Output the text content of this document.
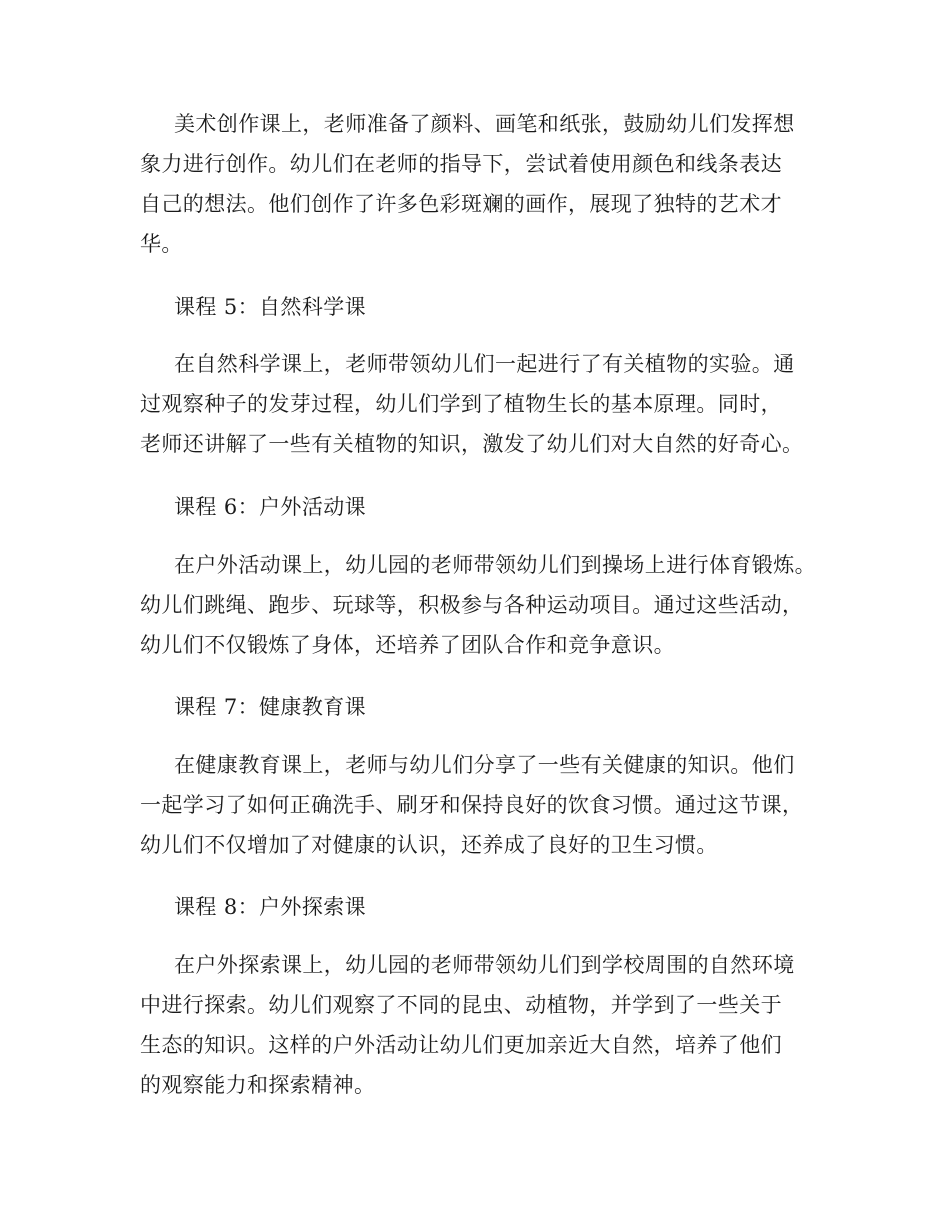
美术创作课上，老师准备了颜料、画笔和纸张，鼓励幼儿们发挥想
象力进行创作。幼儿们在老师的指导下，尝试着使用颜色和线条表达
自己的想法。他们创作了许多色彩斑斓的画作，展现了独特的艺术才
华。
课程 5：自然科学课
在自然科学课上，老师带领幼儿们一起进行了有关植物的实验。通
过观察种子的发芽过程，幼儿们学到了植物生长的基本原理。同时，
老师还讲解了一些有关植物的知识，激发了幼儿们对大自然的好奇心。
课程 6：户外活动课
在户外活动课上，幼儿园的老师带领幼儿们到操场上进行体育锻炼。
幼儿们跳绳、跑步、玩球等，积极参与各种运动项目。通过这些活动，
幼儿们不仅锻炼了身体，还培养了团队合作和竞争意识。
课程 7：健康教育课
在健康教育课上，老师与幼儿们分享了一些有关健康的知识。他们
一起学习了如何正确洗手、刷牙和保持良好的饮食习惯。通过这节课，
幼儿们不仅增加了对健康的认识，还养成了良好的卫生习惯。
课程 8：户外探索课
在户外探索课上，幼儿园的老师带领幼儿们到学校周围的自然环境
中进行探索。幼儿们观察了不同的昆虫、动植物，并学到了一些关于
生态的知识。这样的户外活动让幼儿们更加亲近大自然，培养了他们
的观察能力和探索精神。
